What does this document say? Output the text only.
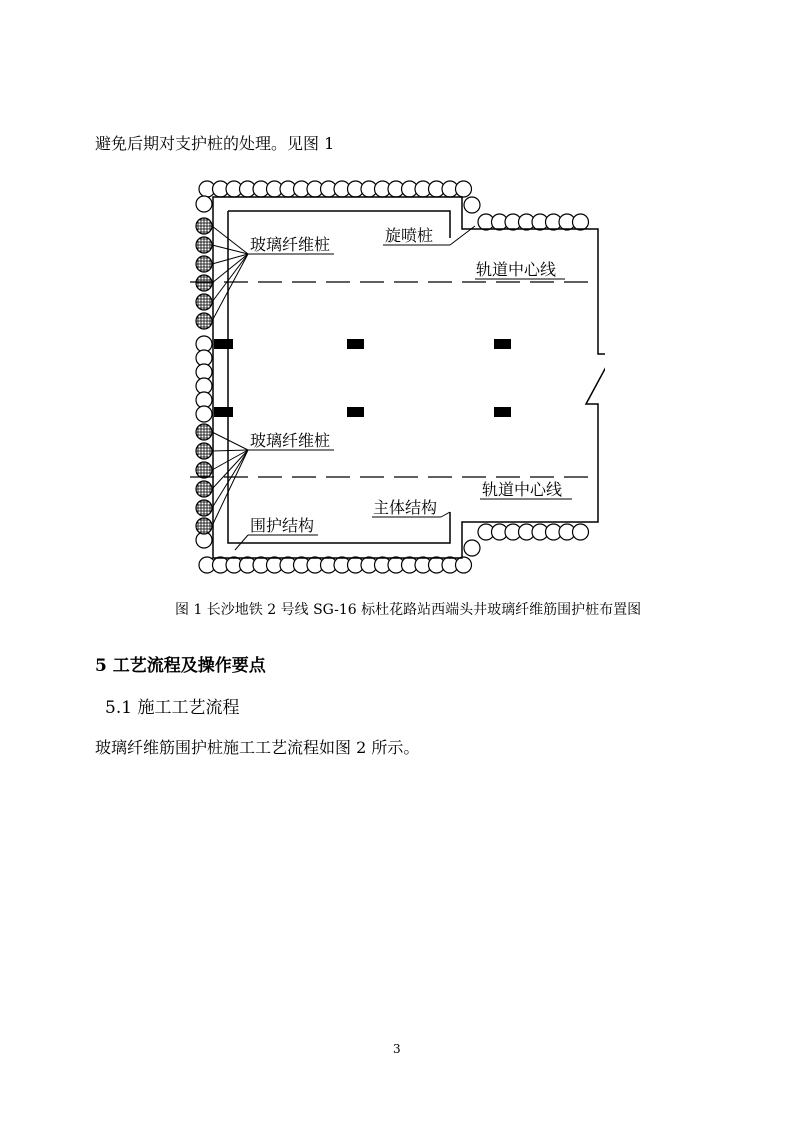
避免后期对支护桩的处理。见图 1
玻璃纤维桩	旋喷桩
轨道中心线
玻璃纤维桩
轨道中心线
主体结构
围护结构
图 1 长沙地铁 2 号线 SG-16 标杜花路站西端头井玻璃纤维筋围护桩布置图
5 工艺流程及操作要点
5.1 施工工艺流程
玻璃纤维筋围护桩施工工艺流程如图 2 所示。
3
